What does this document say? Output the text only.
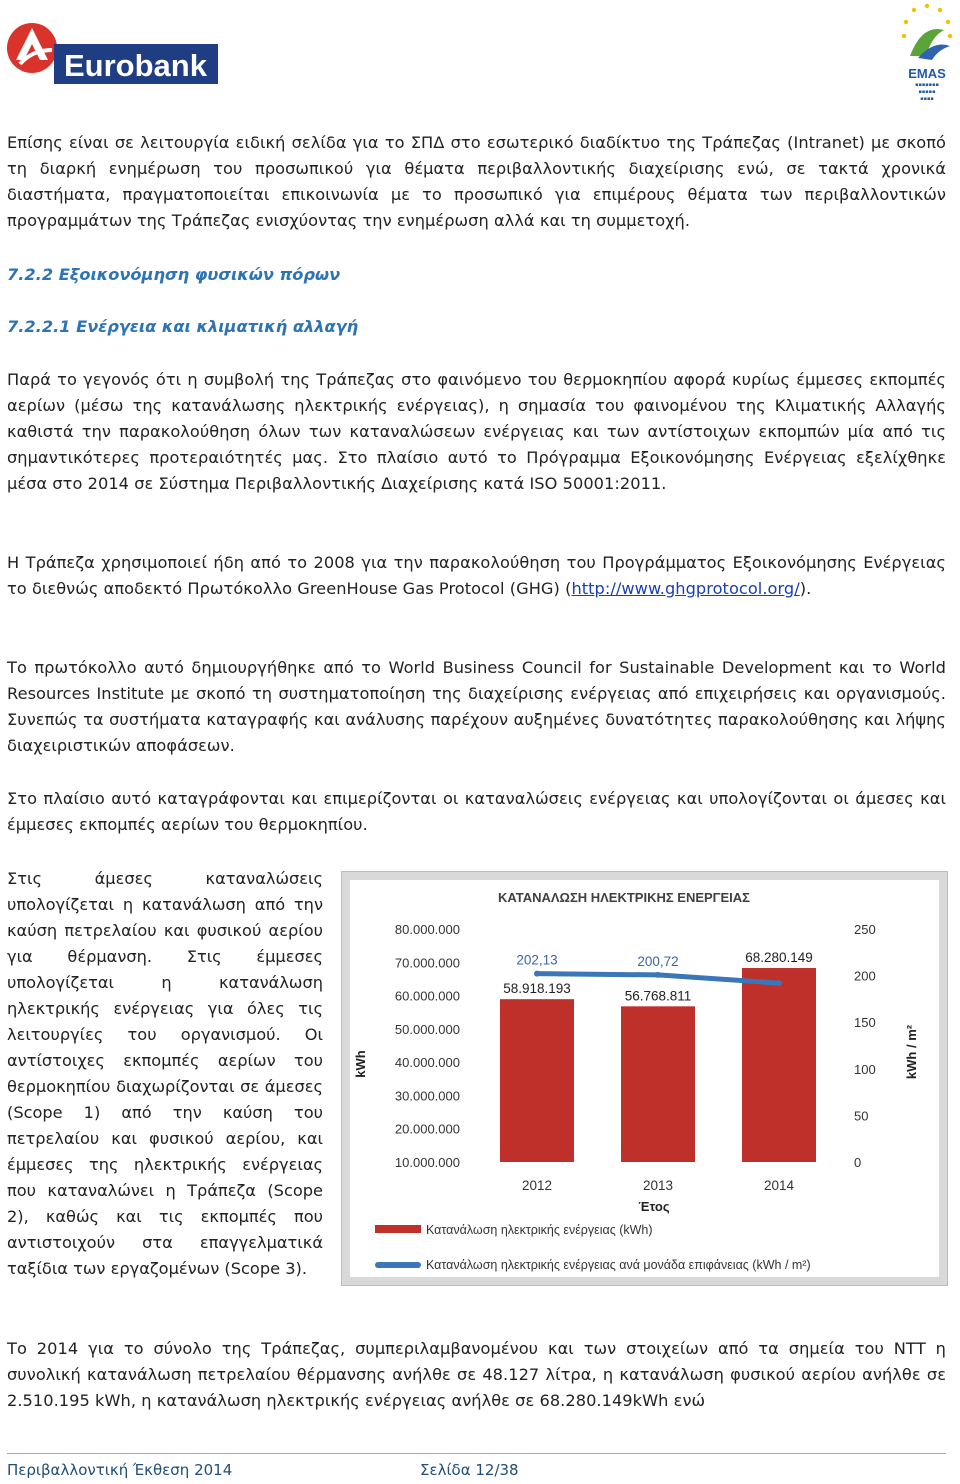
Eurobank	EMAS
▪▪▪▪▪▪▪
▪▪▪▪▪
▪▪▪▪

Επίσης είναι σε λειτουργία ειδική σελίδα για το ΣΠΔ στο εσωτερικό διαδίκτυο της Τράπεζας (Intranet) με σκοπό τη διαρκή ενημέρωση του προσωπικού για θέματα περιβαλλοντικής διαχείρισης ενώ, σε τακτά χρονικά διαστήματα, πραγματοποιείται επικοινωνία με το προσωπικό για επιμέρους θέματα των περιβαλλοντικών προγραμμάτων της Τράπεζας ενισχύοντας την ενημέρωση αλλά και τη συμμετοχή.

7.2.2 Εξοικονόμηση φυσικών πόρων
7.2.2.1 Ενέργεια και κλιματική αλλαγή

Παρά το γεγονός ότι η συμβολή της Τράπεζας στο φαινόμενο του θερμοκηπίου αφορά κυρίως έμμεσες εκπομπές αερίων (μέσω της κατανάλωσης ηλεκτρικής ενέργειας), η σημασία του φαινομένου της Κλιματικής Αλλαγής καθιστά την παρακολούθηση όλων των καταναλώσεων ενέργειας και των αντίστοιχων εκπομπών μία από τις σημαντικότερες προτεραιότητές μας. Στο πλαίσιο αυτό το Πρόγραμμα Εξοικονόμησης Ενέργειας εξελίχθηκε μέσα στο 2014 σε Σύστημα Περιβαλλοντικής Διαχείρισης κατά ISO 50001:2011.

Η Τράπεζα χρησιμοποιεί ήδη από το 2008 για την παρακολούθηση του Προγράμματος Εξοικονόμησης Ενέργειας το διεθνώς αποδεκτό Πρωτόκολλο GreenHouse Gas Protocol (GHG) (http://www.ghgprotocol.org/).

Το πρωτόκολλο αυτό δημιουργήθηκε από το World Business Council for Sustainable Development και το World Resources Institute με σκοπό τη συστηματοποίηση της διαχείρισης ενέργειας από επιχειρήσεις και οργανισμούς. Συνεπώς τα συστήματα καταγραφής και ανάλυσης παρέχουν αυξημένες δυνατότητες παρακολούθησης και λήψης διαχειριστικών αποφάσεων.

Στο πλαίσιο αυτό καταγράφονται και επιμερίζονται οι καταναλώσεις ενέργειας και υπολογίζονται οι άμεσες και έμμεσες εκπομπές αερίων του θερμοκηπίου.

Στις άμεσες καταναλώσεις υπολογίζεται η κατανάλωση από την καύση πετρελαίου και φυσικού αερίου για θέρμανση. Στις έμμεσες υπολογίζεται η κατανάλωση ηλεκτρικής ενέργειας για όλες τις λειτουργίες του οργανισμού. Οι αντίστοιχες εκπομπές αερίων του θερμοκηπίου διαχωρίζονται σε άμεσες (Scope 1) από την καύση του πετρελαίου και φυσικού αερίου, και έμμεσες της ηλεκτρικής ενέργειας που καταναλώνει η Τράπεζα (Scope 2), καθώς και τις εκπομπές που αντιστοιχούν στα επαγγελματικά ταξίδια των εργαζομένων (Scope 3).

ΚΑΤΑΝΑΛΩΣΗ ΗΛΕΚΤΡΙΚΗΣ ΕΝΕΡΓΕΙΑΣ
80.000.000
70.000.000
60.000.000
50.000.000
40.000.000
30.000.000
20.000.000
10.000.000
250
200
150
100
50
0
58.918.193	56.768.811
68.280.149
202,13	200,72
191,93
2012	2013	2014
kWh	kWh / m²
Έτος
Κατανάλωση ηλεκτρικής ενέργειας (kWh)
Κατανάλωση ηλεκτρικής ενέργειας ανά μονάδα επιφάνειας (kWh / m²)

Το 2014 για το σύνολο της Τράπεζας, συμπεριλαμβανομένου και των στοιχείων από τα σημεία του ΝΤΤ η συνολική κατανάλωση πετρελαίου θέρμανσης ανήλθε σε 48.127 λίτρα, η κατανάλωση φυσικού αερίου ανήλθε σε 2.510.195 kWh, η κατανάλωση ηλεκτρικής ενέργειας ανήλθε σε 68.280.149kWh ενώ

Περιβαλλοντική Έκθεση 2014	Σελίδα 12/38
